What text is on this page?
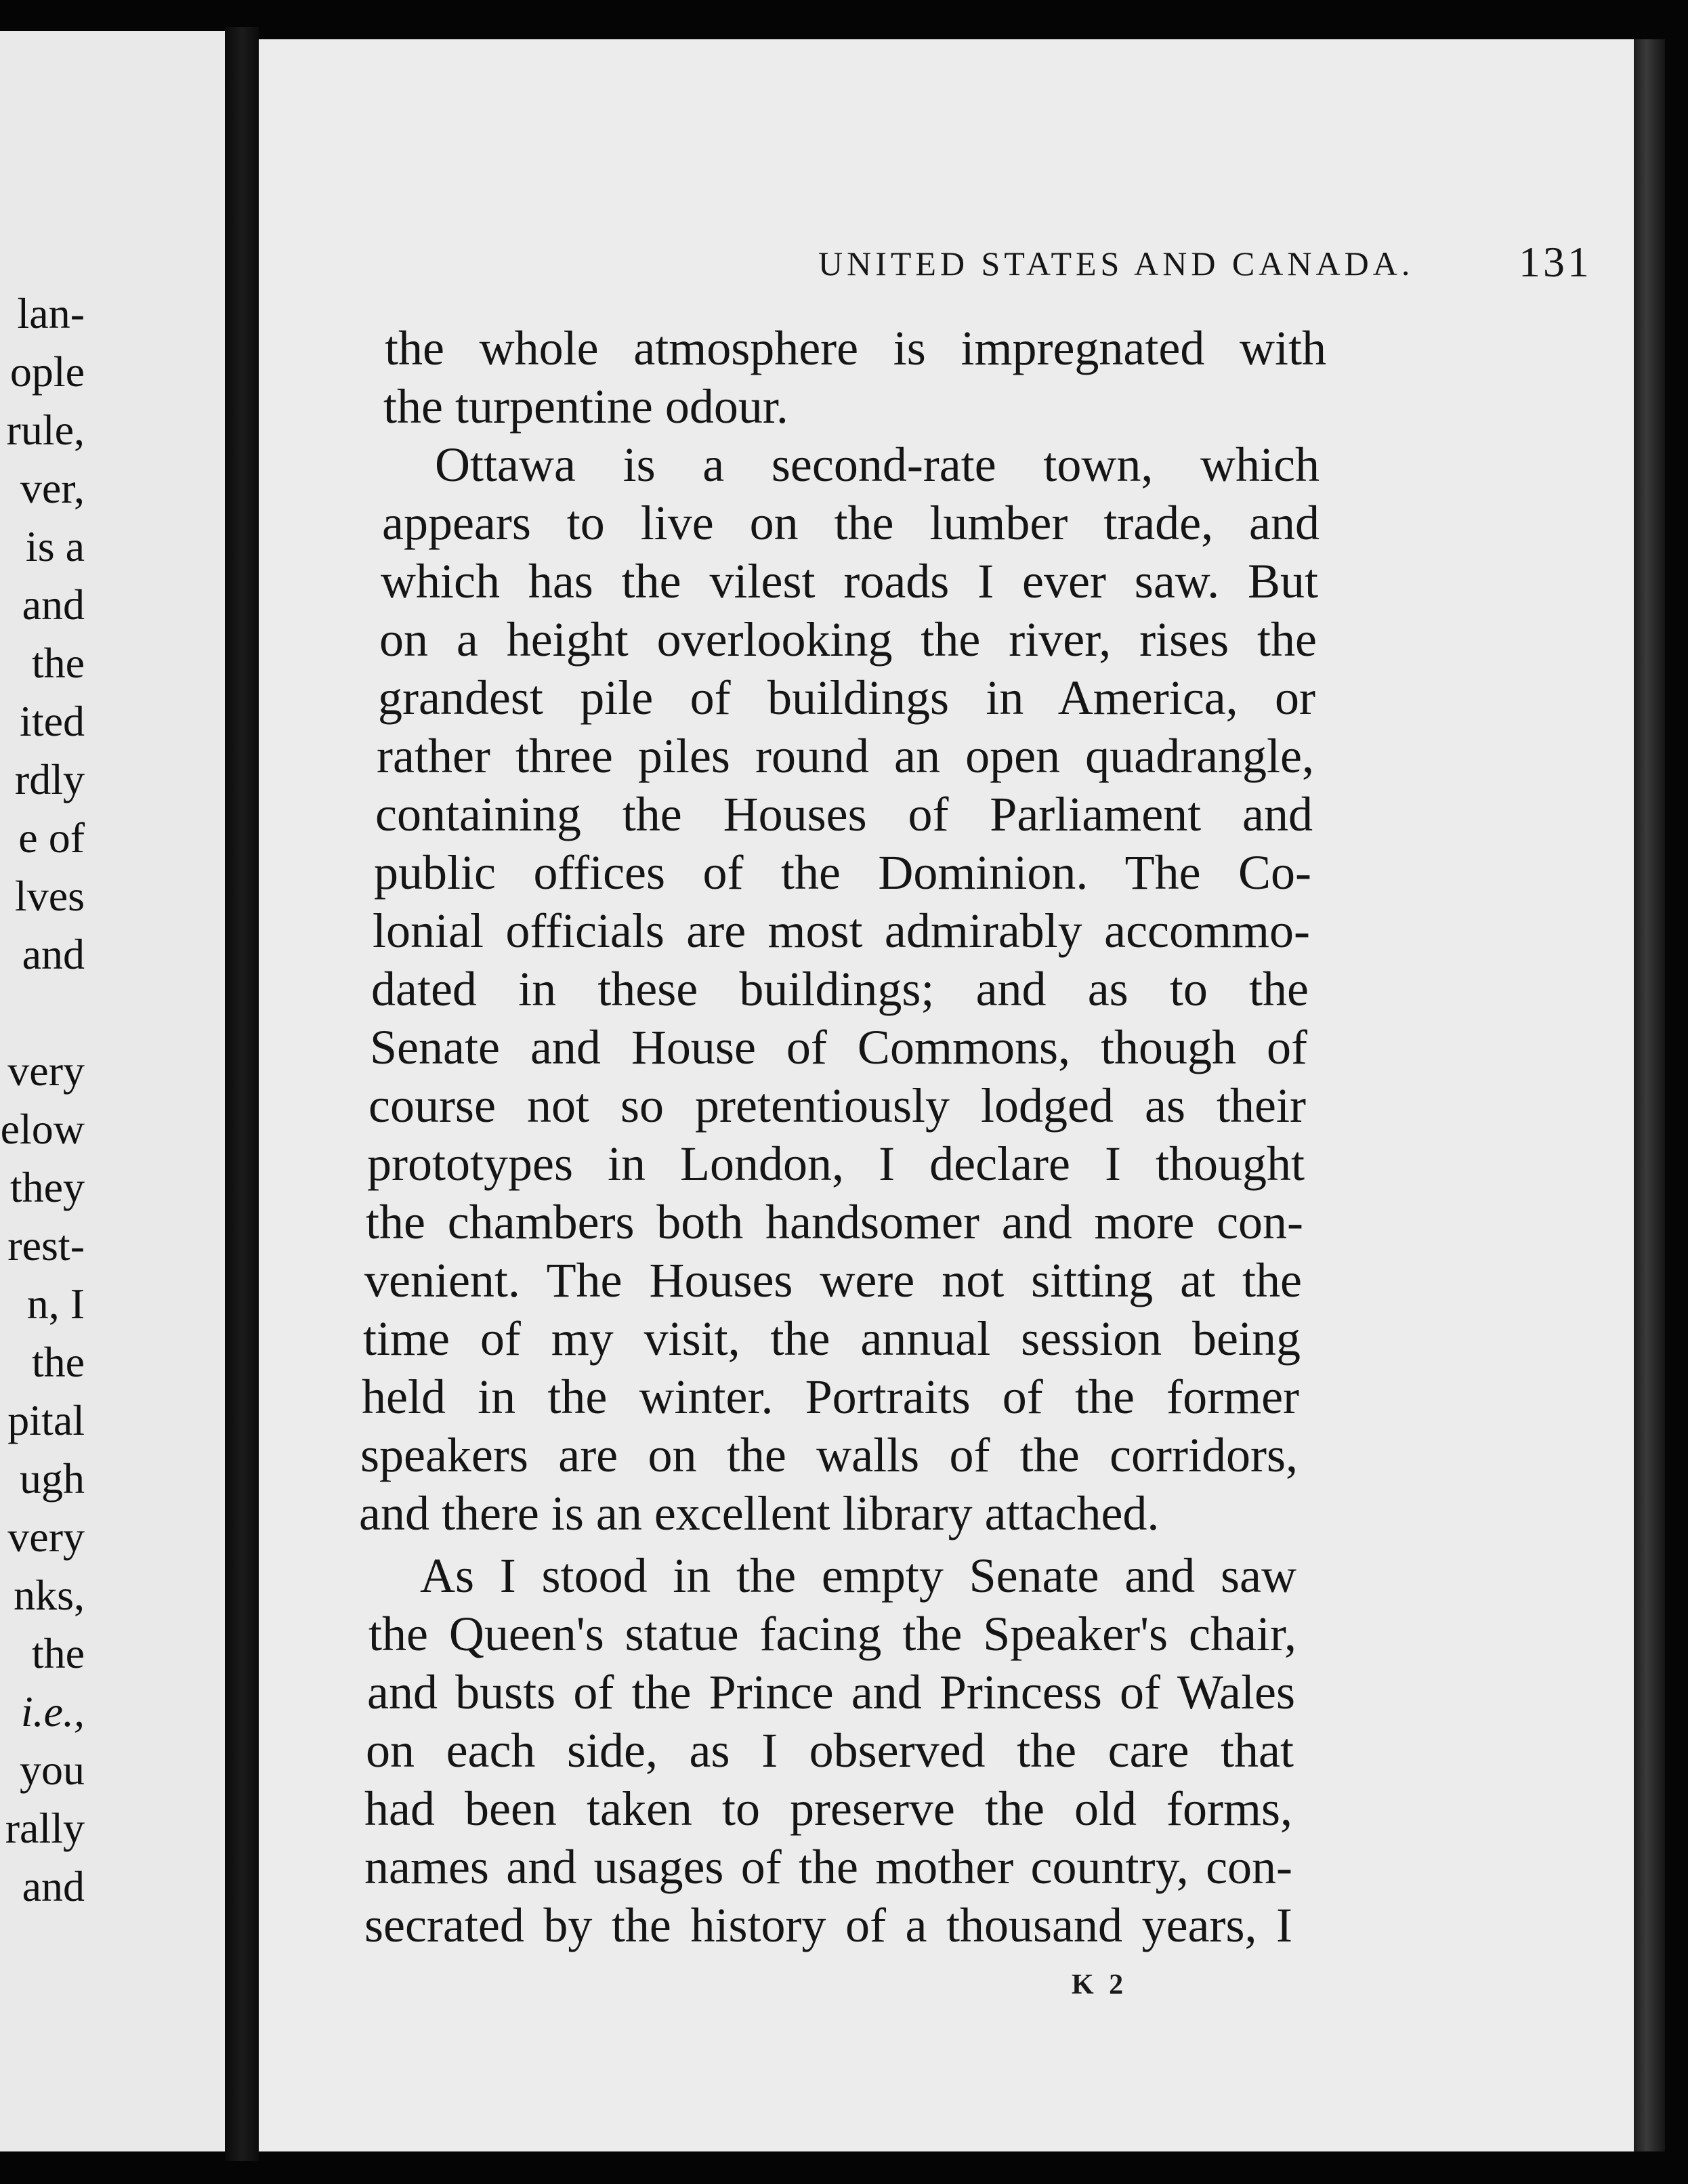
lan-
ople
rule,
ver,
is a
and
the
ited
rdly
e of
lves
and
very
elow
they
rest-
n, I
the
pital
ugh
very
nks,
the
i.e.,
you
rally
and
UNITED STATES AND CANADA.	131
the whole atmosphere is impregnated with
the turpentine odour.
Ottawa is a second-rate town, which
appears to live on the lumber trade, and
which has the vilest roads I ever saw. But
on a height overlooking the river, rises the
grandest pile of buildings in America, or
rather three piles round an open quadrangle,
containing the Houses of Parliament and
public offices of the Dominion. The Co-
lonial officials are most admirably accommo-
dated in these buildings; and as to the
Senate and House of Commons, though of
course not so pretentiously lodged as their
prototypes in London, I declare I thought
the chambers both handsomer and more con-
venient. The Houses were not sitting at the
time of my visit, the annual session being
held in the winter. Portraits of the former
speakers are on the walls of the corridors,
and there is an excellent library attached.
As I stood in the empty Senate and saw
the Queen's statue facing the Speaker's chair,
and busts of the Prince and Princess of Wales
on each side, as I observed the care that
had been taken to preserve the old forms,
names and usages of the mother country, con-
secrated by the history of a thousand years, I
K 2
